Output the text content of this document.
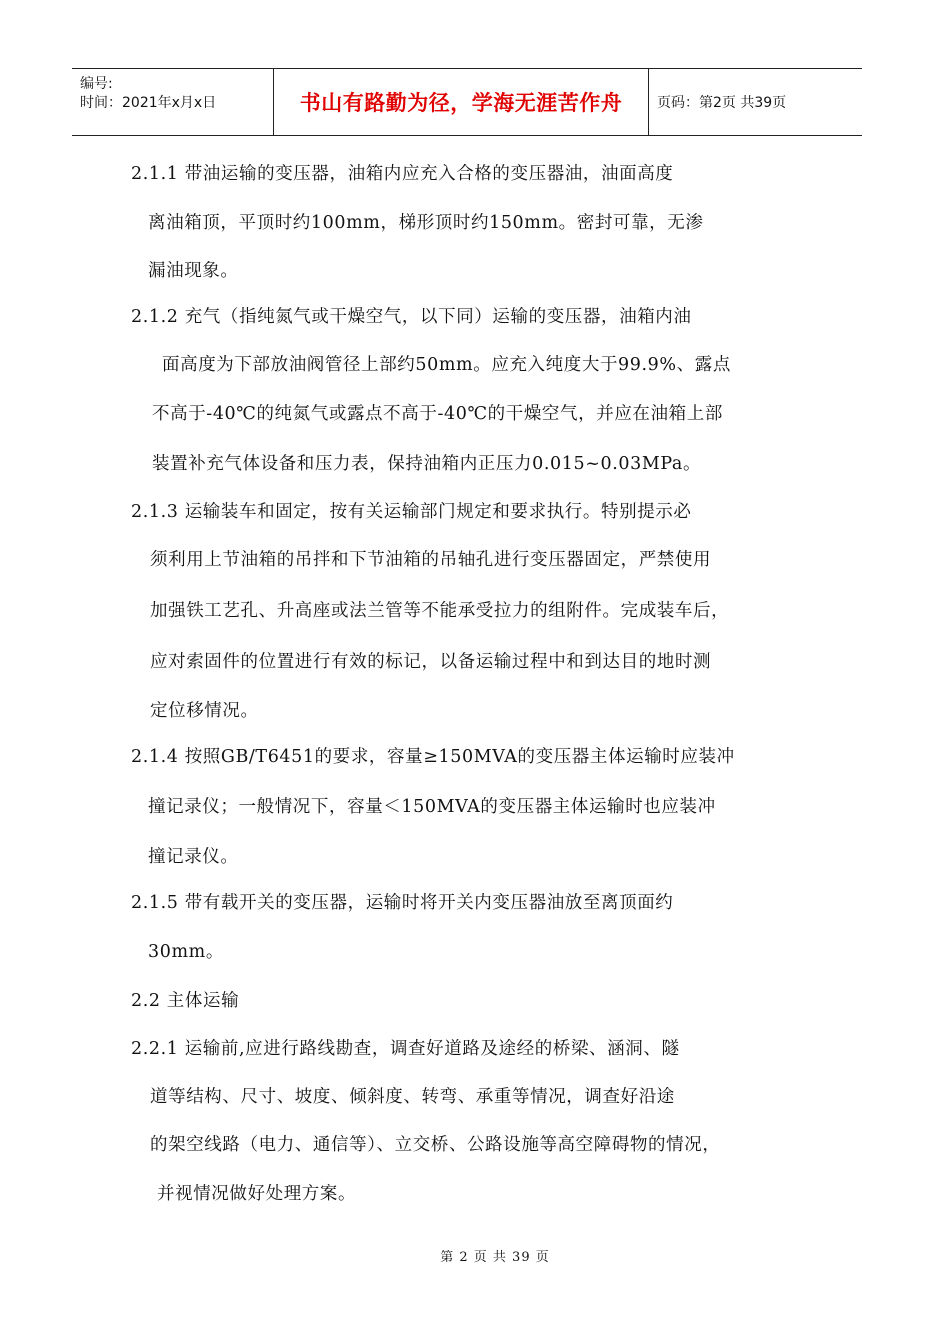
编号:
时间：2021年x月x日	书山有路勤为径，学海无涯苦作舟	页码：第2页 共39页
2.1.1 带油运输的变压器，油箱内应充入合格的变压器油，油面高度
离油箱顶，平顶时约100mm，梯形顶时约150mm。密封可靠，无渗
漏油现象。
2.1.2 充气（指纯氮气或干燥空气，以下同）运输的变压器，油箱内油
面高度为下部放油阀管径上部约50mm。应充入纯度大于99.9%、露点
不高于-40℃的纯氮气或露点不高于-40℃的干燥空气，并应在油箱上部
装置补充气体设备和压力表，保持油箱内正压力0.015~0.03MPa。
2.1.3 运输装车和固定，按有关运输部门规定和要求执行。特别提示必
须利用上节油箱的吊拌和下节油箱的吊轴孔进行变压器固定，严禁使用
加强铁工艺孔、升高座或法兰管等不能承受拉力的组附件。完成装车后，
应对索固件的位置进行有效的标记，以备运输过程中和到达目的地时测
定位移情况。
2.1.4 按照GB/T6451的要求，容量≥150MVA的变压器主体运输时应装冲
撞记录仪；一般情况下，容量＜150MVA的变压器主体运输时也应装冲
撞记录仪。
2.1.5 带有载开关的变压器，运输时将开关内变压器油放至离顶面约
30mm。
2.2 主体运输
2.2.1 运输前,应进行路线勘查，调查好道路及途经的桥梁、涵洞、隧
道等结构、尺寸、坡度、倾斜度、转弯、承重等情况，调查好沿途
的架空线路（电力、通信等）、立交桥、公路设施等高空障碍物的情况，
并视情况做好处理方案。
第 2 页 共 39 页
